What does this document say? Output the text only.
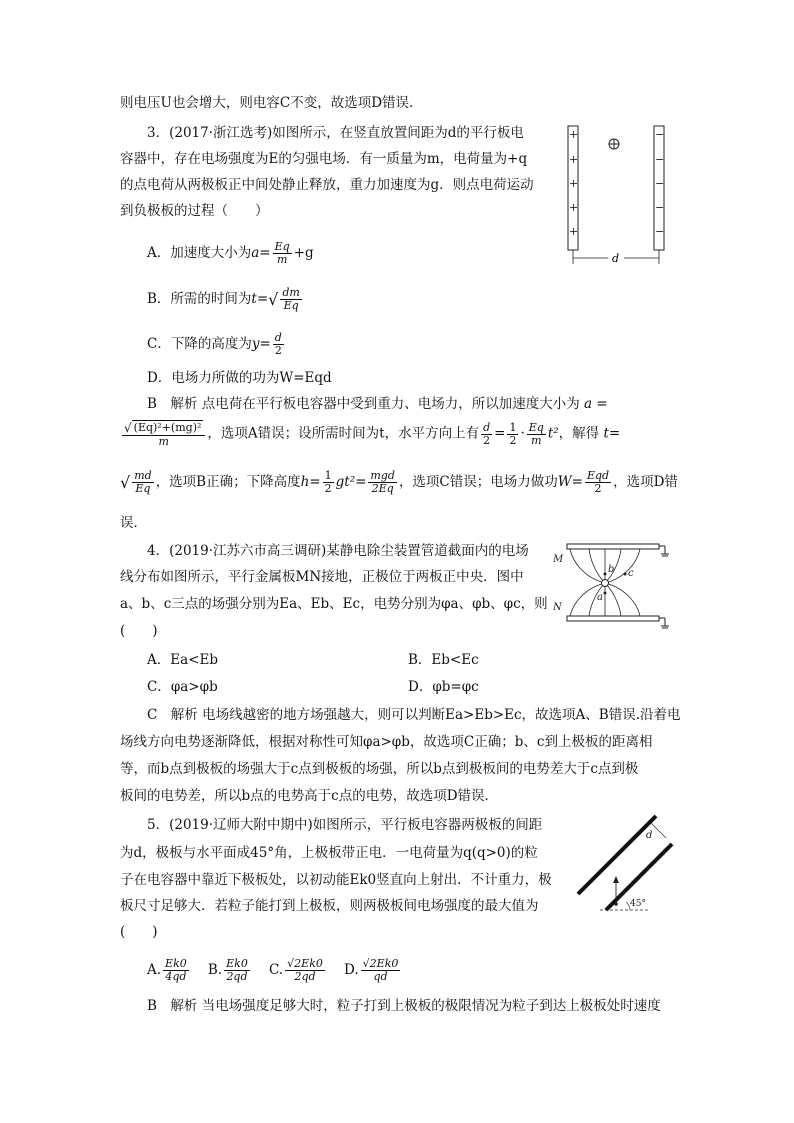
则电压U也会增大，则电容C不变，故选项D错误．
3．(2017·浙江选考)如图所示，在竖直放置间距为d的平行板电
容器中，存在电场强度为E的匀强电场．有一质量为m，电荷量为+q
的点电荷从两极板正中间处静止释放，重力加速度为g．则点电荷运动
到负极板的过程（　　）
A．加速度大小为$a= \frac{Eq}{m} +g$
B．所需的时间为$t=√ \frac{dm}{Eq}$
C．下降的高度为$y= \frac{d}{2}$
D．电场力所做的功为W=Eqd
B　解析 点电荷在平行板电容器中受到重力、电场力，所以加速度大小为 a =
$\frac{\text{√ (Eq)²+(mg)²}}{m}$ ，选项A错误；设所需时间为t，水平方向上有 $\frac{d}{2} = \frac{1}{2} \cdot \frac{Eq}{m} t^2$，解得 t=
√ $\frac{md}{Eq}$ ，选项B正确；下降高度$h= \frac{1}{2} gt^2= \frac{\text{mgd}}{2Eq}$ ，选项C错误；电场力做功$W= \frac{\text{Eqd}}{2}$ ，选项D错
误．
+
+
+
+
+
−
−
−
−
−
d
4．(2019·江苏六市高三调研)某静电除尘装置管道截面内的电场
线分布如图所示，平行金属板MN接地，正极位于两板正中央．图中
a、b、c三点的场强分别为Ea、Eb、Ec，电势分别为φa、φb、φc，则
(　　)
A．Ea<Eb	B．Eb<Ec
C．φa>φb	D．φb=φc
C　解析 电场线越密的地方场强越大，则可以判断Ea>Eb>Ec，故选项A、B错误.沿着电
场线方向电势逐渐降低，根据对称性可知φa>φb，故选项C正确；b、c到上极板的距离相
等，而b点到极板的场强大于c点到极板的场强，所以b点到极板间的电势差大于c点到极
板间的电势差，所以b点的电势高于c点的电势，故选项D错误．
M
N
b c
a
5．(2019·辽师大附中期中)如图所示，平行板电容器两极板的间距
为d，极板与水平面成45°角，上极板带正电．一电荷量为q(q>0)的粒
子在电容器中靠近下极板处，以初动能Ek0竖直向上射出．不计重力，极
板尺寸足够大．若粒子能打到上极板，则两极板间电场强度的最大值为
(　　)
A. $\frac{Ek0}{4qd} B$. $\frac{Ek0}{2qd} C$. $\frac{√2Ek0}{2qd} D$. $\frac{√2Ek0}{qd}$
B　解析 当电场强度足够大时，粒子打到上极板的极限情况为粒子到达上极板处时速度
d
45°
